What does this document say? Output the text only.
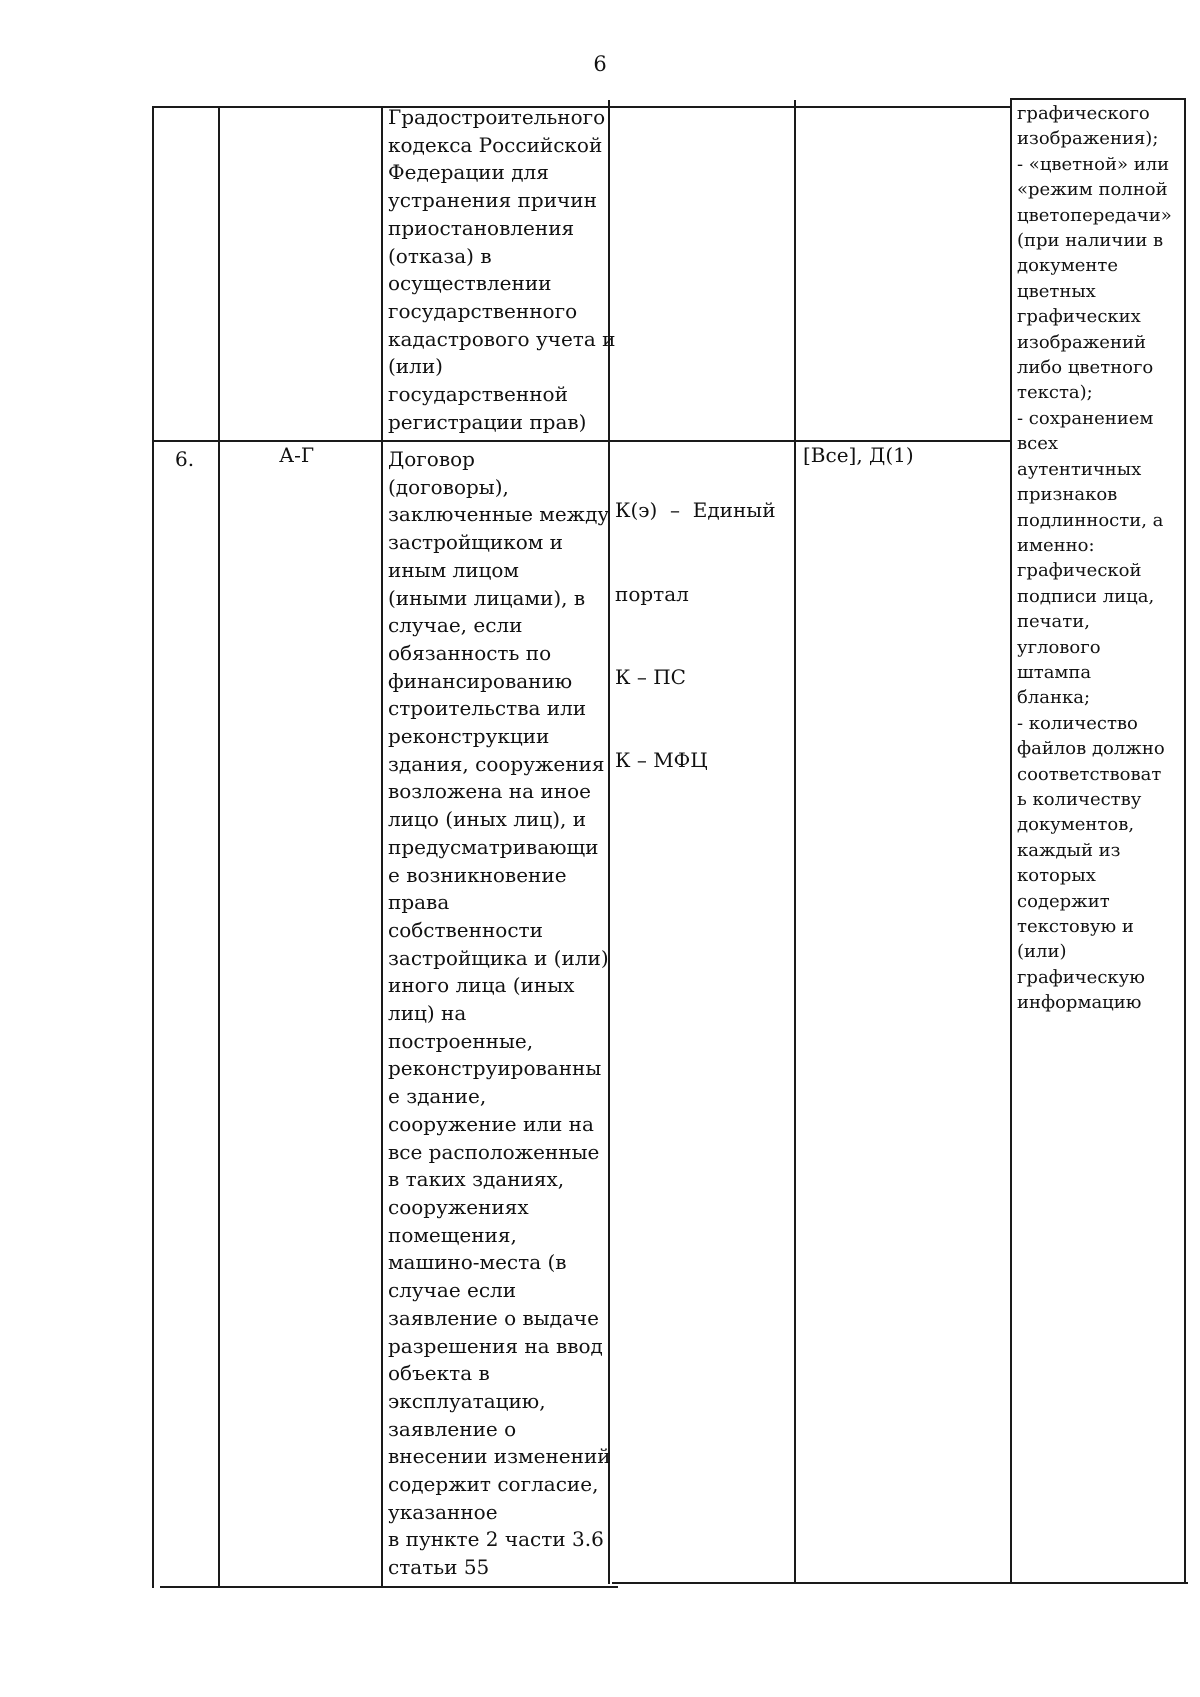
6
Градостроительного
кодекса Российской
Федерации для
устранения причин
приостановления
(отказа) в
осуществлении
государственного
кадастрового учета и
(или)
государственной
регистрации прав)
6.	А-Г	Договор
(договоры),
заключенные между
застройщиком и
иным лицом
(иными лицами), в
случае, если
обязанность по
финансированию
строительства или
реконструкции
здания, сооружения
возложена на иное
лицо (иных лиц), и
предусматривающи
е возникновение
права
собственности
застройщика и (или)
иного лица (иных
лиц) на
построенные,
реконструированны
е здание,
сооружение или на
все расположенные
в таких зданиях,
сооружениях
помещения,
машино-места (в
случае если
заявление о выдаче
разрешения на ввод
объекта в
эксплуатацию,
заявление о
внесении изменений
содержит согласие,
указанное
в пункте 2 части 3.6
статьи 55

К(э)  –  Единый

портал

К – ПС

К – МФЦ

[Все], Д(1)
графического
изображения);
- «цветной» или
«режим полной
цветопередачи»
(при наличии в
документе
цветных
графических
изображений
либо цветного
текста);
- сохранением
всех
аутентичных
признаков
подлинности, а
именно:
графической
подписи лица,
печати,
углового
штампа
бланка;
- количество
файлов должно
соответствоват
ь количеству
документов,
каждый из
которых
содержит
текстовую и
(или)
графическую
информацию
